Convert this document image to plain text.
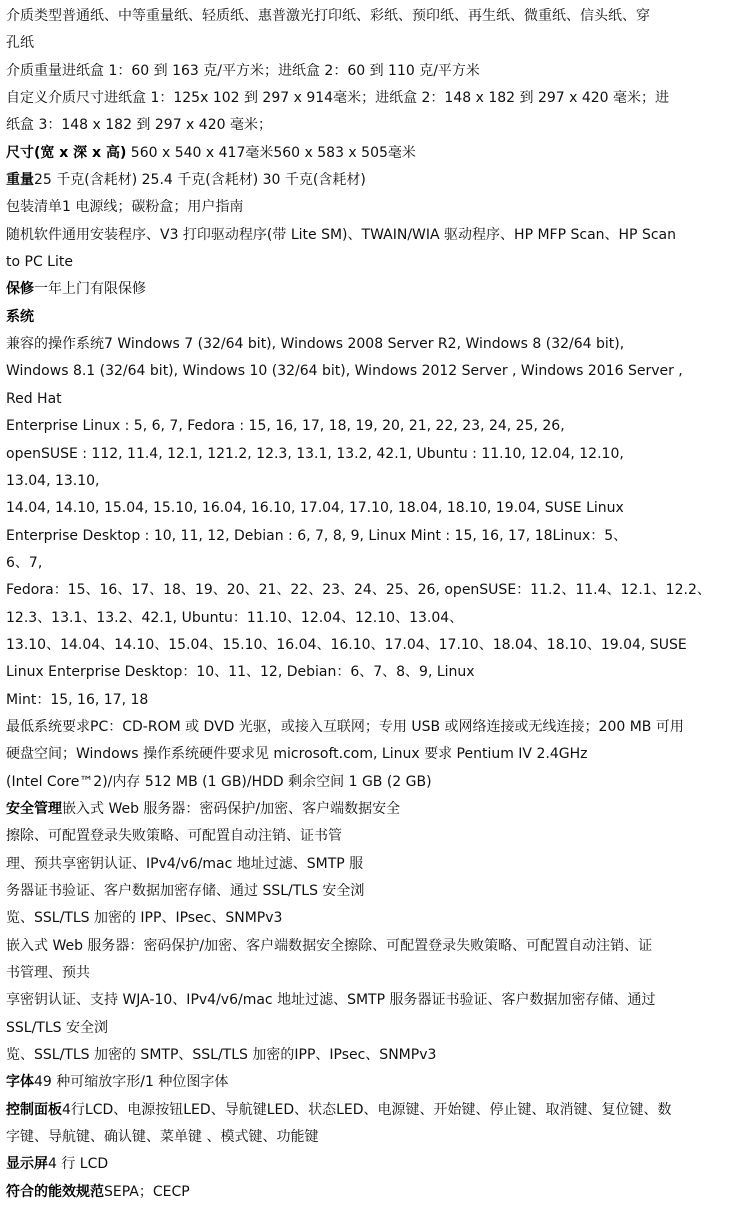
介质类型普通纸、中等重量纸、轻质纸、惠普激光打印纸、彩纸、预印纸、再生纸、微重纸、信头纸、穿
孔纸
介质重量进纸盒 1：60 到 163 克/平方米；进纸盒 2：60 到 110 克/平方米
自定义介质尺寸进纸盒 1：125x 102 到 297 x 914毫米；进纸盒 2：148 x 182 到 297 x 420 毫米；进
纸盒 3：148 x 182 到 297 x 420 毫米；
尺寸(宽 x 深 x 高) 560 x 540 x 417毫米560 x 583 x 505毫米
重量25 千克(含耗材) 25.4 千克(含耗材) 30 千克(含耗材)
包装清单1 电源线；碳粉盒；用户指南
随机软件通用安装程序、V3 打印驱动程序(带 Lite SM)、TWAIN/WIA 驱动程序、HP MFP Scan、HP Scan
to PC Lite
保修一年上门有限保修
系统
兼容的操作系统7 Windows 7 (32/64 bit), Windows 2008 Server R2, Windows 8 (32/64 bit),
Windows 8.1 (32/64 bit), Windows 10 (32/64 bit), Windows 2012 Server , Windows 2016 Server ,
Red Hat
Enterprise Linux : 5, 6, 7, Fedora : 15, 16, 17, 18, 19, 20, 21, 22, 23, 24, 25, 26,
openSUSE : 112, 11.4, 12.1, 121.2, 12.3, 13.1, 13.2, 42.1, Ubuntu : 11.10, 12.04, 12.10,
13.04, 13.10,
14.04, 14.10, 15.04, 15.10, 16.04, 16.10, 17.04, 17.10, 18.04, 18.10, 19.04, SUSE Linux
Enterprise Desktop : 10, 11, 12, Debian : 6, 7, 8, 9, Linux Mint : 15, 16, 17, 18Linux：5、
6、7,
Fedora：15、16、17、18、19、20、21、22、23、24、25、26, openSUSE：11.2、11.4、12.1、12.2、
12.3、13.1、13.2、42.1, Ubuntu：11.10、12.04、12.10、13.04、
13.10、14.04、14.10、15.04、15.10、16.04、16.10、17.04、17.10、18.04、18.10、19.04, SUSE
Linux Enterprise Desktop：10、11、12, Debian：6、7、8、9, Linux
Mint：15, 16, 17, 18
最低系统要求PC：CD-ROM 或 DVD 光驱，或接入互联网；专用 USB 或网络连接或无线连接；200 MB 可用
硬盘空间；Windows 操作系统硬件要求见 microsoft.com, Linux 要求 Pentium IV 2.4GHz
(Intel Core™2)/内存 512 MB (1 GB)/HDD 剩余空间 1 GB (2 GB)
安全管理嵌入式 Web 服务器：密码保护/加密、客户端数据安全
擦除、可配置登录失败策略、可配置自动注销、证书管
理、预共享密钥认证、IPv4/v6/mac 地址过滤、SMTP 服
务器证书验证、客户数据加密存储、通过 SSL/TLS 安全浏
览、SSL/TLS 加密的 IPP、IPsec、SNMPv3
嵌入式 Web 服务器：密码保护/加密、客户端数据安全擦除、可配置登录失败策略、可配置自动注销、证
书管理、预共
享密钥认证、支持 WJA-10、IPv4/v6/mac 地址过滤、SMTP 服务器证书验证、客户数据加密存储、通过
SSL/TLS 安全浏
览、SSL/TLS 加密的 SMTP、SSL/TLS 加密的IPP、IPsec、SNMPv3
字体49 种可缩放字形/1 种位图字体
控制面板4行LCD、电源按钮LED、导航键LED、状态LED、电源键、开始键、停止键、取消键、复位键、数
字键、导航键、确认键、菜单键 、模式键、功能键
显示屏4 行 LCD
符合的能效规范SEPA；CECP
